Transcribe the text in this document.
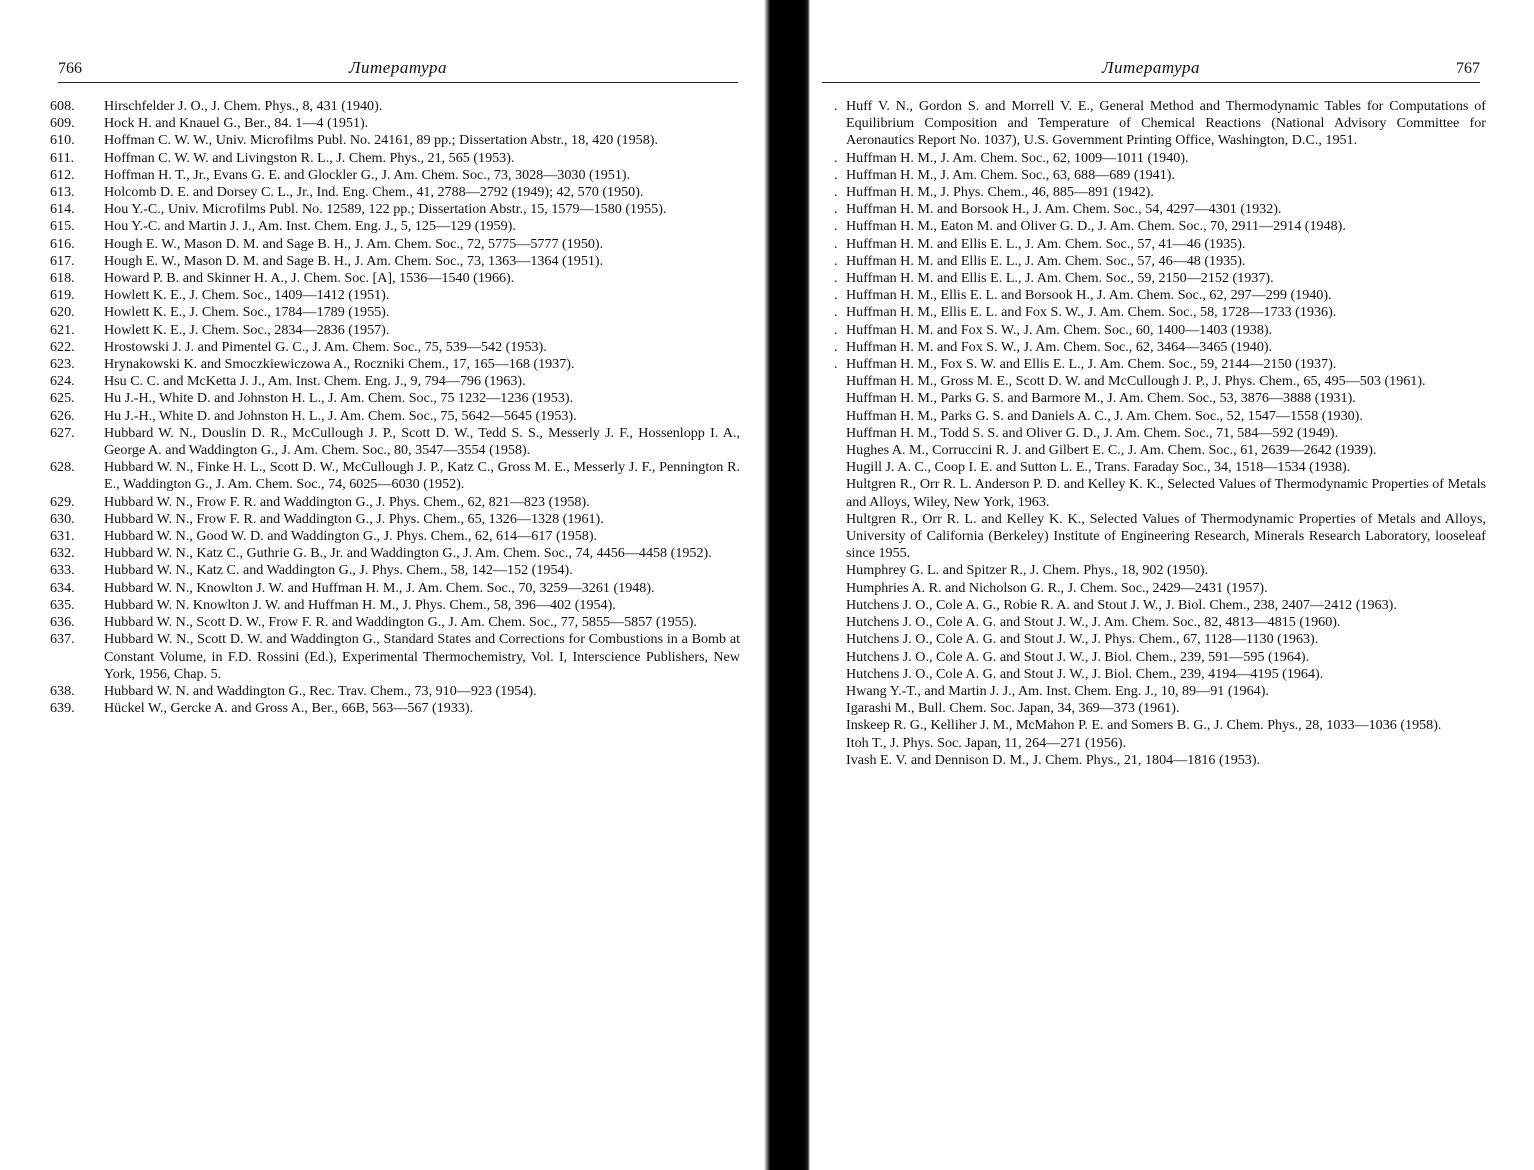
766	Литература
608.	Hirschfelder J. O., J. Chem. Phys., 8, 431 (1940).
609.	Hock H. and Knauel G., Ber., 84. 1—4 (1951).
610.	Hoffman C. W. W., Univ. Microfilms Publ. No. 24161, 89 pp.; Dissertation Abstr., 18, 420 (1958).
611.	Hoffman C. W. W. and Livingston R. L., J. Chem. Phys., 21, 565 (1953).
612.	Hoffman H. T., Jr., Evans G. E. and Glockler G., J. Am. Chem. Soc., 73, 3028—3030 (1951).
613.	Holcomb D. E. and Dorsey C. L., Jr., Ind. Eng. Chem., 41, 2788—2792 (1949); 42, 570 (1950).
614.	Hou Y.-C., Univ. Microfilms Publ. No. 12589, 122 pp.; Dissertation Abstr., 15, 1579—1580 (1955).
615.	Hou Y.-C. and Martin J. J., Am. Inst. Chem. Eng. J., 5, 125—129 (1959).
616.	Hough E. W., Mason D. M. and Sage B. H., J. Am. Chem. Soc., 72, 5775—5777 (1950).
617.	Hough E. W., Mason D. M. and Sage B. H., J. Am. Chem. Soc., 73, 1363—1364 (1951).
618.	Howard P. B. and Skinner H. A., J. Chem. Soc. [A], 1536—1540 (1966).
619.	Howlett K. E., J. Chem. Soc., 1409—1412 (1951).
620.	Howlett K. E., J. Chem. Soc., 1784—1789 (1955).
621.	Howlett K. E., J. Chem. Soc., 2834—2836 (1957).
622.	Hrostowski J. J. and Pimentel G. C., J. Am. Chem. Soc., 75, 539—542 (1953).
623.	Hrynakowski K. and Smoczkiewiczowa A., Roczniki Chem., 17, 165—168 (1937).
624.	Hsu C. C. and McKetta J. J., Am. Inst. Chem. Eng. J., 9, 794—796 (1963).
625.	Hu J.-H., White D. and Johnston H. L., J. Am. Chem. Soc., 75 1232—1236 (1953).
626.	Hu J.-H., White D. and Johnston H. L., J. Am. Chem. Soc., 75, 5642—5645 (1953).
627.	Hubbard W. N., Douslin D. R., McCullough J. P., Scott D. W., Tedd S. S., Messerly J. F., Hossenlopp I. A., George A. and Waddington G., J. Am. Chem. Soc., 80, 3547—3554 (1958).
628.	Hubbard W. N., Finke H. L., Scott D. W., McCullough J. P., Katz C., Gross M. E., Messerly J. F., Pennington R. E., Waddington G., J. Am. Chem. Soc., 74, 6025—6030 (1952).
629.	Hubbard W. N., Frow F. R. and Waddington G., J. Phys. Chem., 62, 821—823 (1958).
630.	Hubbard W. N., Frow F. R. and Waddington G., J. Phys. Chem., 65, 1326—1328 (1961).
631.	Hubbard W. N., Good W. D. and Waddington G., J. Phys. Chem., 62, 614—617 (1958).
632.	Hubbard W. N., Katz C., Guthrie G. B., Jr. and Waddington G., J. Am. Chem. Soc., 74, 4456—4458 (1952).
633.	Hubbard W. N., Katz C. and Waddington G., J. Phys. Chem., 58, 142—152 (1954).
634.	Hubbard W. N., Knowlton J. W. and Huffman H. M., J. Am. Chem. Soc., 70, 3259—3261 (1948).
635.	Hubbard W. N. Knowlton J. W. and Huffman H. M., J. Phys. Chem., 58, 396—402 (1954).
636.	Hubbard W. N., Scott D. W., Frow F. R. and Waddington G., J. Am. Chem. Soc., 77, 5855—5857 (1955).
637.	Hubbard W. N., Scott D. W. and Waddington G., Standard States and Corrections for Combustions in a Bomb at Constant Volume, in F.D. Rossini (Ed.), Experimental Thermochemistry, Vol. I, Interscience Publishers, New York, 1956, Chap. 5.
638.	Hubbard W. N. and Waddington G., Rec. Trav. Chem., 73, 910—923 (1954).
639.	Hückel W., Gercke A. and Gross A., Ber., 66B, 563—567 (1933).
Литература	767
. Huff V. N., Gordon S. and Morrell V. E., General Method and Thermodynamic Tables for Computations of Equilibrium Composition and Temperature of Chemical Reactions (National Advisory Committee for Aeronautics Report No. 1037), U.S. Government Printing Office, Washington, D.C., 1951.
. Huffman H. M., J. Am. Chem. Soc., 62, 1009—1011 (1940).
. Huffman H. M., J. Am. Chem. Soc., 63, 688—689 (1941).
. Huffman H. M., J. Phys. Chem., 46, 885—891 (1942).
. Huffman H. M. and Borsook H., J. Am. Chem. Soc., 54, 4297—4301 (1932).
. Huffman H. M., Eaton M. and Oliver G. D., J. Am. Chem. Soc., 70, 2911—2914 (1948).
. Huffman H. M. and Ellis E. L., J. Am. Chem. Soc., 57, 41—46 (1935).
. Huffman H. M. and Ellis E. L., J. Am. Chem. Soc., 57, 46—48 (1935).
. Huffman H. M. and Ellis E. L., J. Am. Chem. Soc., 59, 2150—2152 (1937).
. Huffman H. M., Ellis E. L. and Borsook H., J. Am. Chem. Soc., 62, 297—299 (1940).
. Huffman H. M., Ellis E. L. and Fox S. W., J. Am. Chem. Soc., 58, 1728—1733 (1936).
. Huffman H. M. and Fox S. W., J. Am. Chem. Soc., 60, 1400—1403 (1938).
. Huffman H. M. and Fox S. W., J. Am. Chem. Soc., 62, 3464—3465 (1940).
. Huffman H. M., Fox S. W. and Ellis E. L., J. Am. Chem. Soc., 59, 2144—2150 (1937).
Huffman H. M., Gross M. E., Scott D. W. and McCullough J. P., J. Phys. Chem., 65, 495—503 (1961).
Huffman H. M., Parks G. S. and Barmore M., J. Am. Chem. Soc., 53, 3876—3888 (1931).
Huffman H. M., Parks G. S. and Daniels A. C., J. Am. Chem. Soc., 52, 1547—1558 (1930).
Huffman H. M., Todd S. S. and Oliver G. D., J. Am. Chem. Soc., 71, 584—592 (1949).
Hughes A. M., Corruccini R. J. and Gilbert E. C., J. Am. Chem. Soc., 61, 2639—2642 (1939).
Hugill J. A. C., Coop I. E. and Sutton L. E., Trans. Faraday Soc., 34, 1518—1534 (1938).
Hultgren R., Orr R. L. Anderson P. D. and Kelley K. K., Selected Values of Thermodynamic Properties of Metals and Alloys, Wiley, New York, 1963.
Hultgren R., Orr R. L. and Kelley K. K., Selected Values of Thermodynamic Properties of Metals and Alloys, University of California (Berkeley) Institute of Engineering Research, Minerals Research Laboratory, looseleaf since 1955.
Humphrey G. L. and Spitzer R., J. Chem. Phys., 18, 902 (1950).
Humphries A. R. and Nicholson G. R., J. Chem. Soc., 2429—2431 (1957).
Hutchens J. O., Cole A. G., Robie R. A. and Stout J. W., J. Biol. Chem., 238, 2407—2412 (1963).
Hutchens J. O., Cole A. G. and Stout J. W., J. Am. Chem. Soc., 82, 4813—4815 (1960).
Hutchens J. O., Cole A. G. and Stout J. W., J. Phys. Chem., 67, 1128—1130 (1963).
Hutchens J. O., Cole A. G. and Stout J. W., J. Biol. Chem., 239, 591—595 (1964).
Hutchens J. O., Cole A. G. and Stout J. W., J. Biol. Chem., 239, 4194—4195 (1964).
Hwang Y.-T., and Martin J. J., Am. Inst. Chem. Eng. J., 10, 89—91 (1964).
Igarashi M., Bull. Chem. Soc. Japan, 34, 369—373 (1961).
Inskeep R. G., Kelliher J. M., McMahon P. E. and Somers B. G., J. Chem. Phys., 28, 1033—1036 (1958).
Itoh T., J. Phys. Soc. Japan, 11, 264—271 (1956).
Ivash E. V. and Dennison D. M., J. Chem. Phys., 21, 1804—1816 (1953).
